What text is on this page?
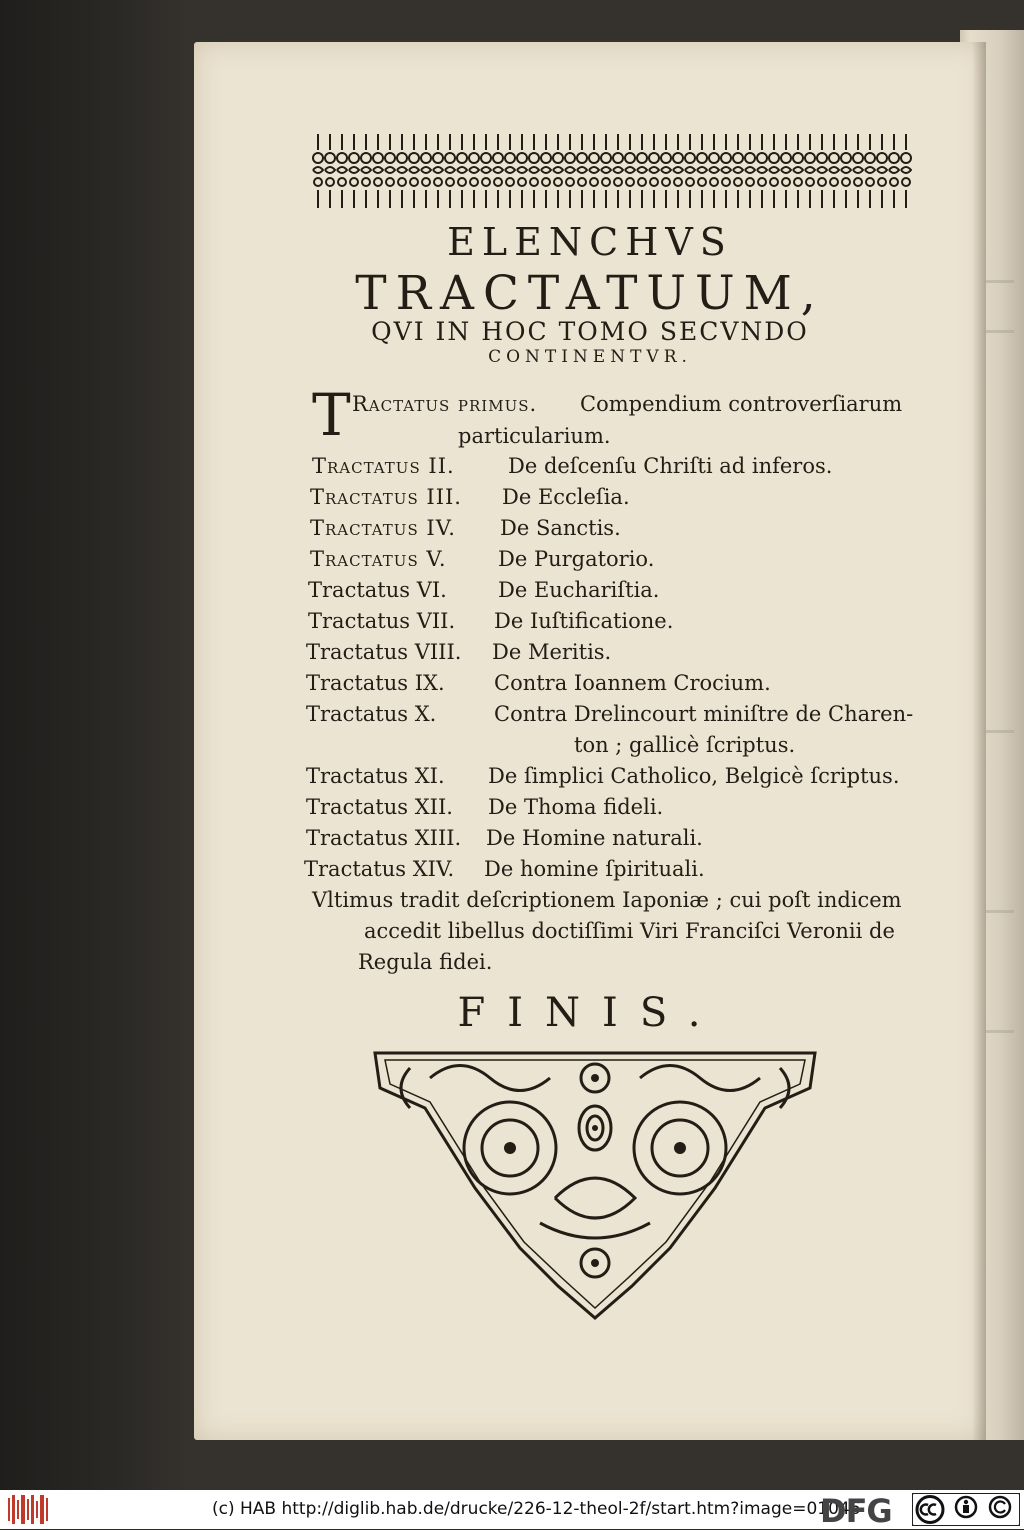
ELENCHVS
TRACTATUUM,
QVI IN HOC TOMO SECVNDO
CONTINENTVR.
T Ractatus primus. Compendium controverſiarum
particularium.
Tractatus II.	De deſcenſu Chriſti ad inferos.
Tractatus III. De Eccleſia.
Tractatus IV. De Sanctis.
Tractatus V. De Purgatorio.
Tractatus VI. De Euchariſtia.
Tractatus VII. De Iuſtificatione.
Tractatus VIII. De Meritis.
Tractatus IX. Contra Ioannem Crocium.
Tractatus X.	Contra Drelincourt miniſtre de Charen-
ton ; gallicè ſcriptus.
Tractatus XI. De ſimplici Catholico, Belgicè ſcriptus.
Tractatus XII. De Thoma fideli.
Tractatus XIII. De Homine naturali.
Tractatus XIV. De homine ſpirituali.
Vltimus tradit deſcriptionem Iaponiæ ; cui poſt indicem
accedit libellus doctiſſimi Viri Franciſci Veronii de
Regula fidei.
FINIS.
(c) HAB http://diglib.hab.de/drucke/226-12-theol-2f/start.htm?image=01046
DFG
